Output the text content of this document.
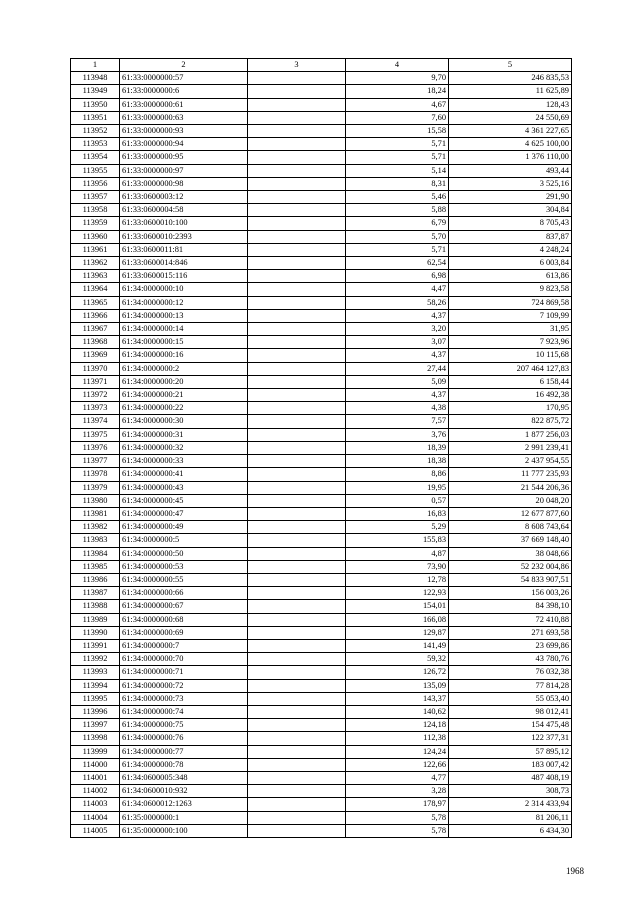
1	2	3	4	5
113948	61:33:0000000:57		9,70	246 835,53
113949	61:33:0000000:6		18,24	11 625,89
113950	61:33:0000000:61		4,67	128,43
113951	61:33:0000000:63		7,60	24 550,69
113952	61:33:0000000:93		15,58	4 361 227,65
113953	61:33:0000000:94		5,71	4 625 100,00
113954	61:33:0000000:95		5,71	1 376 110,00
113955	61:33:0000000:97		5,14	493,44
113956	61:33:0000000:98		8,31	3 525,16
113957	61:33:0600003:12		5,46	291,90
113958	61:33:0600004:58		5,88	304,84
113959	61:33:0600010:100		6,79	8 705,43
113960	61:33:0600010:2393		5,70	837,87
113961	61:33:0600011:81		5,71	4 248,24
113962	61:33:0600014:846		62,54	6 003,84
113963	61:33:0600015:116		6,98	613,86
113964	61:34:0000000:10		4,47	9 823,58
113965	61:34:0000000:12		58,26	724 869,58
113966	61:34:0000000:13		4,37	7 109,99
113967	61:34:0000000:14		3,20	31,95
113968	61:34:0000000:15		3,07	7 923,96
113969	61:34:0000000:16		4,37	10 115,68
113970	61:34:0000000:2		27,44	207 464 127,83
113971	61:34:0000000:20		5,09	6 158,44
113972	61:34:0000000:21		4,37	16 492,38
113973	61:34:0000000:22		4,38	170,95
113974	61:34:0000000:30		7,57	822 875,72
113975	61:34:0000000:31		3,76	1 877 256,03
113976	61:34:0000000:32		18,39	2 991 239,41
113977	61:34:0000000:33		18,38	2 437 954,55
113978	61:34:0000000:41		8,86	11 777 235,93
113979	61:34:0000000:43		19,95	21 544 206,36
113980	61:34:0000000:45		0,57	20 048,20
113981	61:34:0000000:47		16,83	12 677 877,60
113982	61:34:0000000:49		5,29	8 608 743,64
113983	61:34:0000000:5		155,83	37 669 148,40
113984	61:34:0000000:50		4,87	38 048,66
113985	61:34:0000000:53		73,90	52 232 004,86
113986	61:34:0000000:55		12,78	54 833 907,51
113987	61:34:0000000:66		122,93	156 003,26
113988	61:34:0000000:67		154,01	84 398,10
113989	61:34:0000000:68		166,08	72 410,88
113990	61:34:0000000:69		129,87	271 693,58
113991	61:34:0000000:7		141,49	23 699,86
113992	61:34:0000000:70		59,32	43 780,76
113993	61:34:0000000:71		126,72	76 032,38
113994	61:34:0000000:72		135,09	77 814,28
113995	61:34:0000000:73		143,37	55 053,40
113996	61:34:0000000:74		140,62	98 012,41
113997	61:34:0000000:75		124,18	154 475,48
113998	61:34:0000000:76		112,38	122 377,31
113999	61:34:0000000:77		124,24	57 895,12
114000	61:34:0000000:78		122,66	183 007,42
114001	61:34:0600005:348		4,77	487 408,19
114002	61:34:0600010:932		3,28	308,73
114003	61:34:0600012:1263		178,97	2 314 433,94
114004	61:35:0000000:1		5,78	81 206,11
114005	61:35:0000000:100		5,78	6 434,30
1968
